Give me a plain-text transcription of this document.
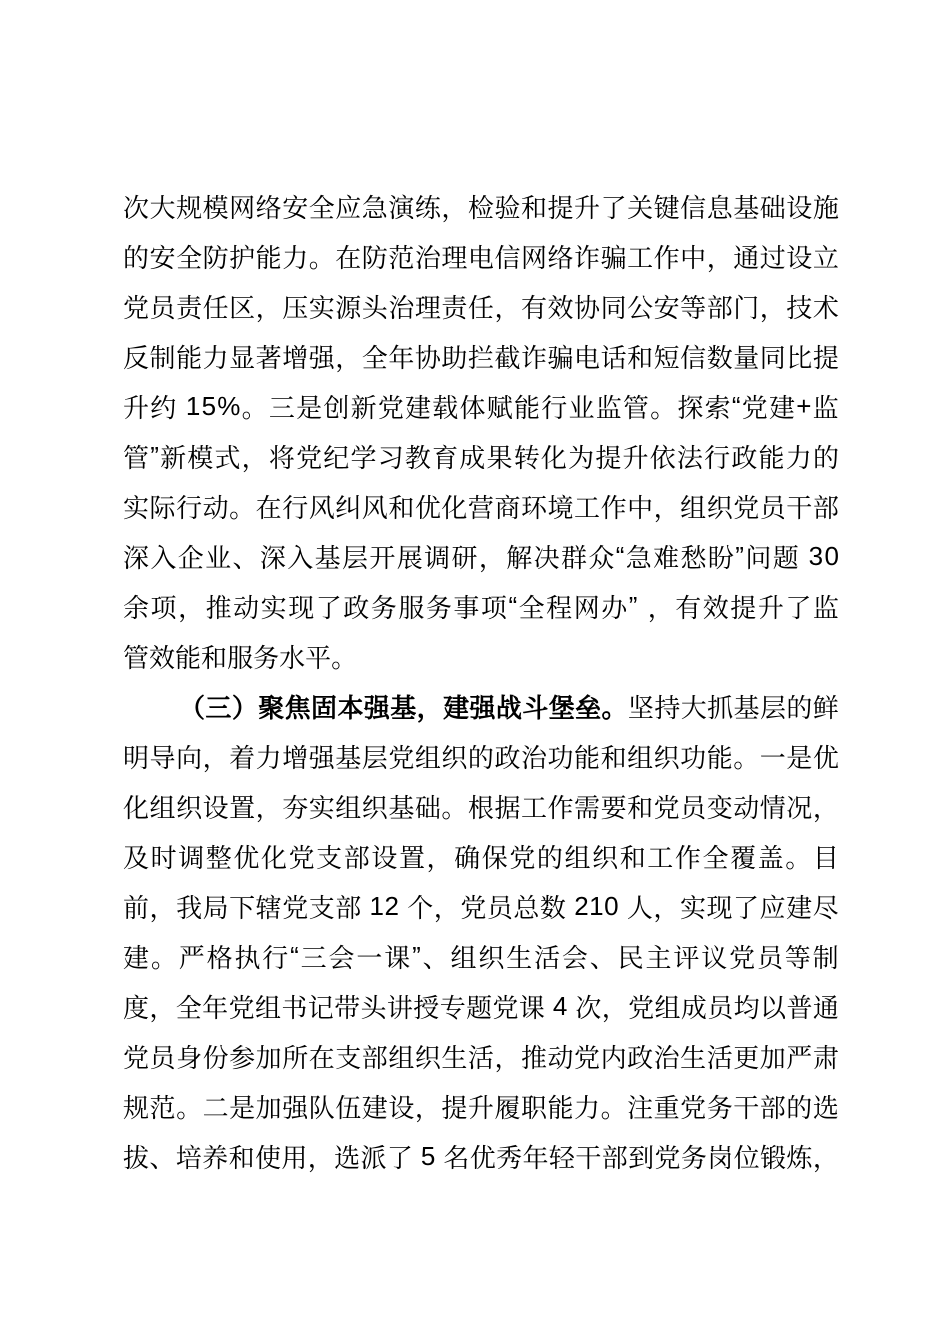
次 大 规 模 网 络 安 全 应 急 演 练 ， 检 验 和 提 升 了 关 键 信 息 基 础 设 施
的 安 全 防 护 能 力 。 在 防 范 治 理 电 信 网 络 诈 骗 工 作 中 ， 通 过 设 立
党 员 责 任 区 ， 压 实 源 头 治 理 责 任 ， 有 效 协 同 公 安 等 部 门 ， 技 术
反 制 能 力 显 著 增 强 ， 全 年 协 助 拦 截 诈 骗 电 话 和 短 信 数 量 同 比 提
升 约
1 5 % 。 三 是 创 新 党 建 载 体 赋 能 行 业 监 管 。 探 索 “ 党 建 + 监
管 ” 新 模 式 ， 将 党 纪 学 习 教 育 成 果 转 化 为 提 升 依 法 行 政 能 力 的
实 际 行 动 。 在 行 风 纠 风 和 优 化 营 商 环 境 工 作 中 ， 组 织 党 员 干 部
深 入 企 业 、 深 入 基 层 开 展 调 研 ， 解 决 群 众 “ 急 难 愁 盼 ” 问 题
3 0
余 项 ， 推 动 实 现 了 政 务 服 务 事 项 “ 全 程 网 办 ”
， 有 效 提 升 了 监
管 效 能 和 服 务 水 平 。
（ 三 ） 聚 焦 固 本 强 基 ， 建 强 战 斗 堡 垒 。 坚 持 大 抓 基 层 的 鲜
明 导 向 ， 着 力 增 强 基 层 党 组 织 的 政 治 功 能 和 组 织 功 能 。 一 是 优
化 组 织 设 置 ， 夯 实 组 织 基 础 。 根 据 工 作 需 要 和 党 员 变 动 情 况 ，
及 时 调 整 优 化 党 支 部 设 置 ， 确 保 党 的 组 织 和 工 作 全 覆 盖 。 目
前 ， 我 局 下 辖 党 支 部
1 2
个 ， 党 员 总 数
2 1 0
人 ， 实 现 了 应 建 尽
建 。 严 格 执 行 “ 三 会 一 课 ” 、 组 织 生 活 会 、 民 主 评 议 党 员 等 制
度 ， 全 年 党 组 书 记 带 头 讲 授 专 题 党 课
4
次 ， 党 组 成 员 均 以 普 通
党 员 身 份 参 加 所 在 支 部 组 织 生 活 ， 推 动 党 内 政 治 生 活 更 加 严 肃
规 范 。 二 是 加 强 队 伍 建 设 ， 提 升 履 职 能 力 。 注 重 党 务 干 部 的 选
拔 、 培 养 和 使 用 ， 选 派 了
5
名 优 秀 年 轻 干 部 到 党 务 岗 位 锻 炼 ，
